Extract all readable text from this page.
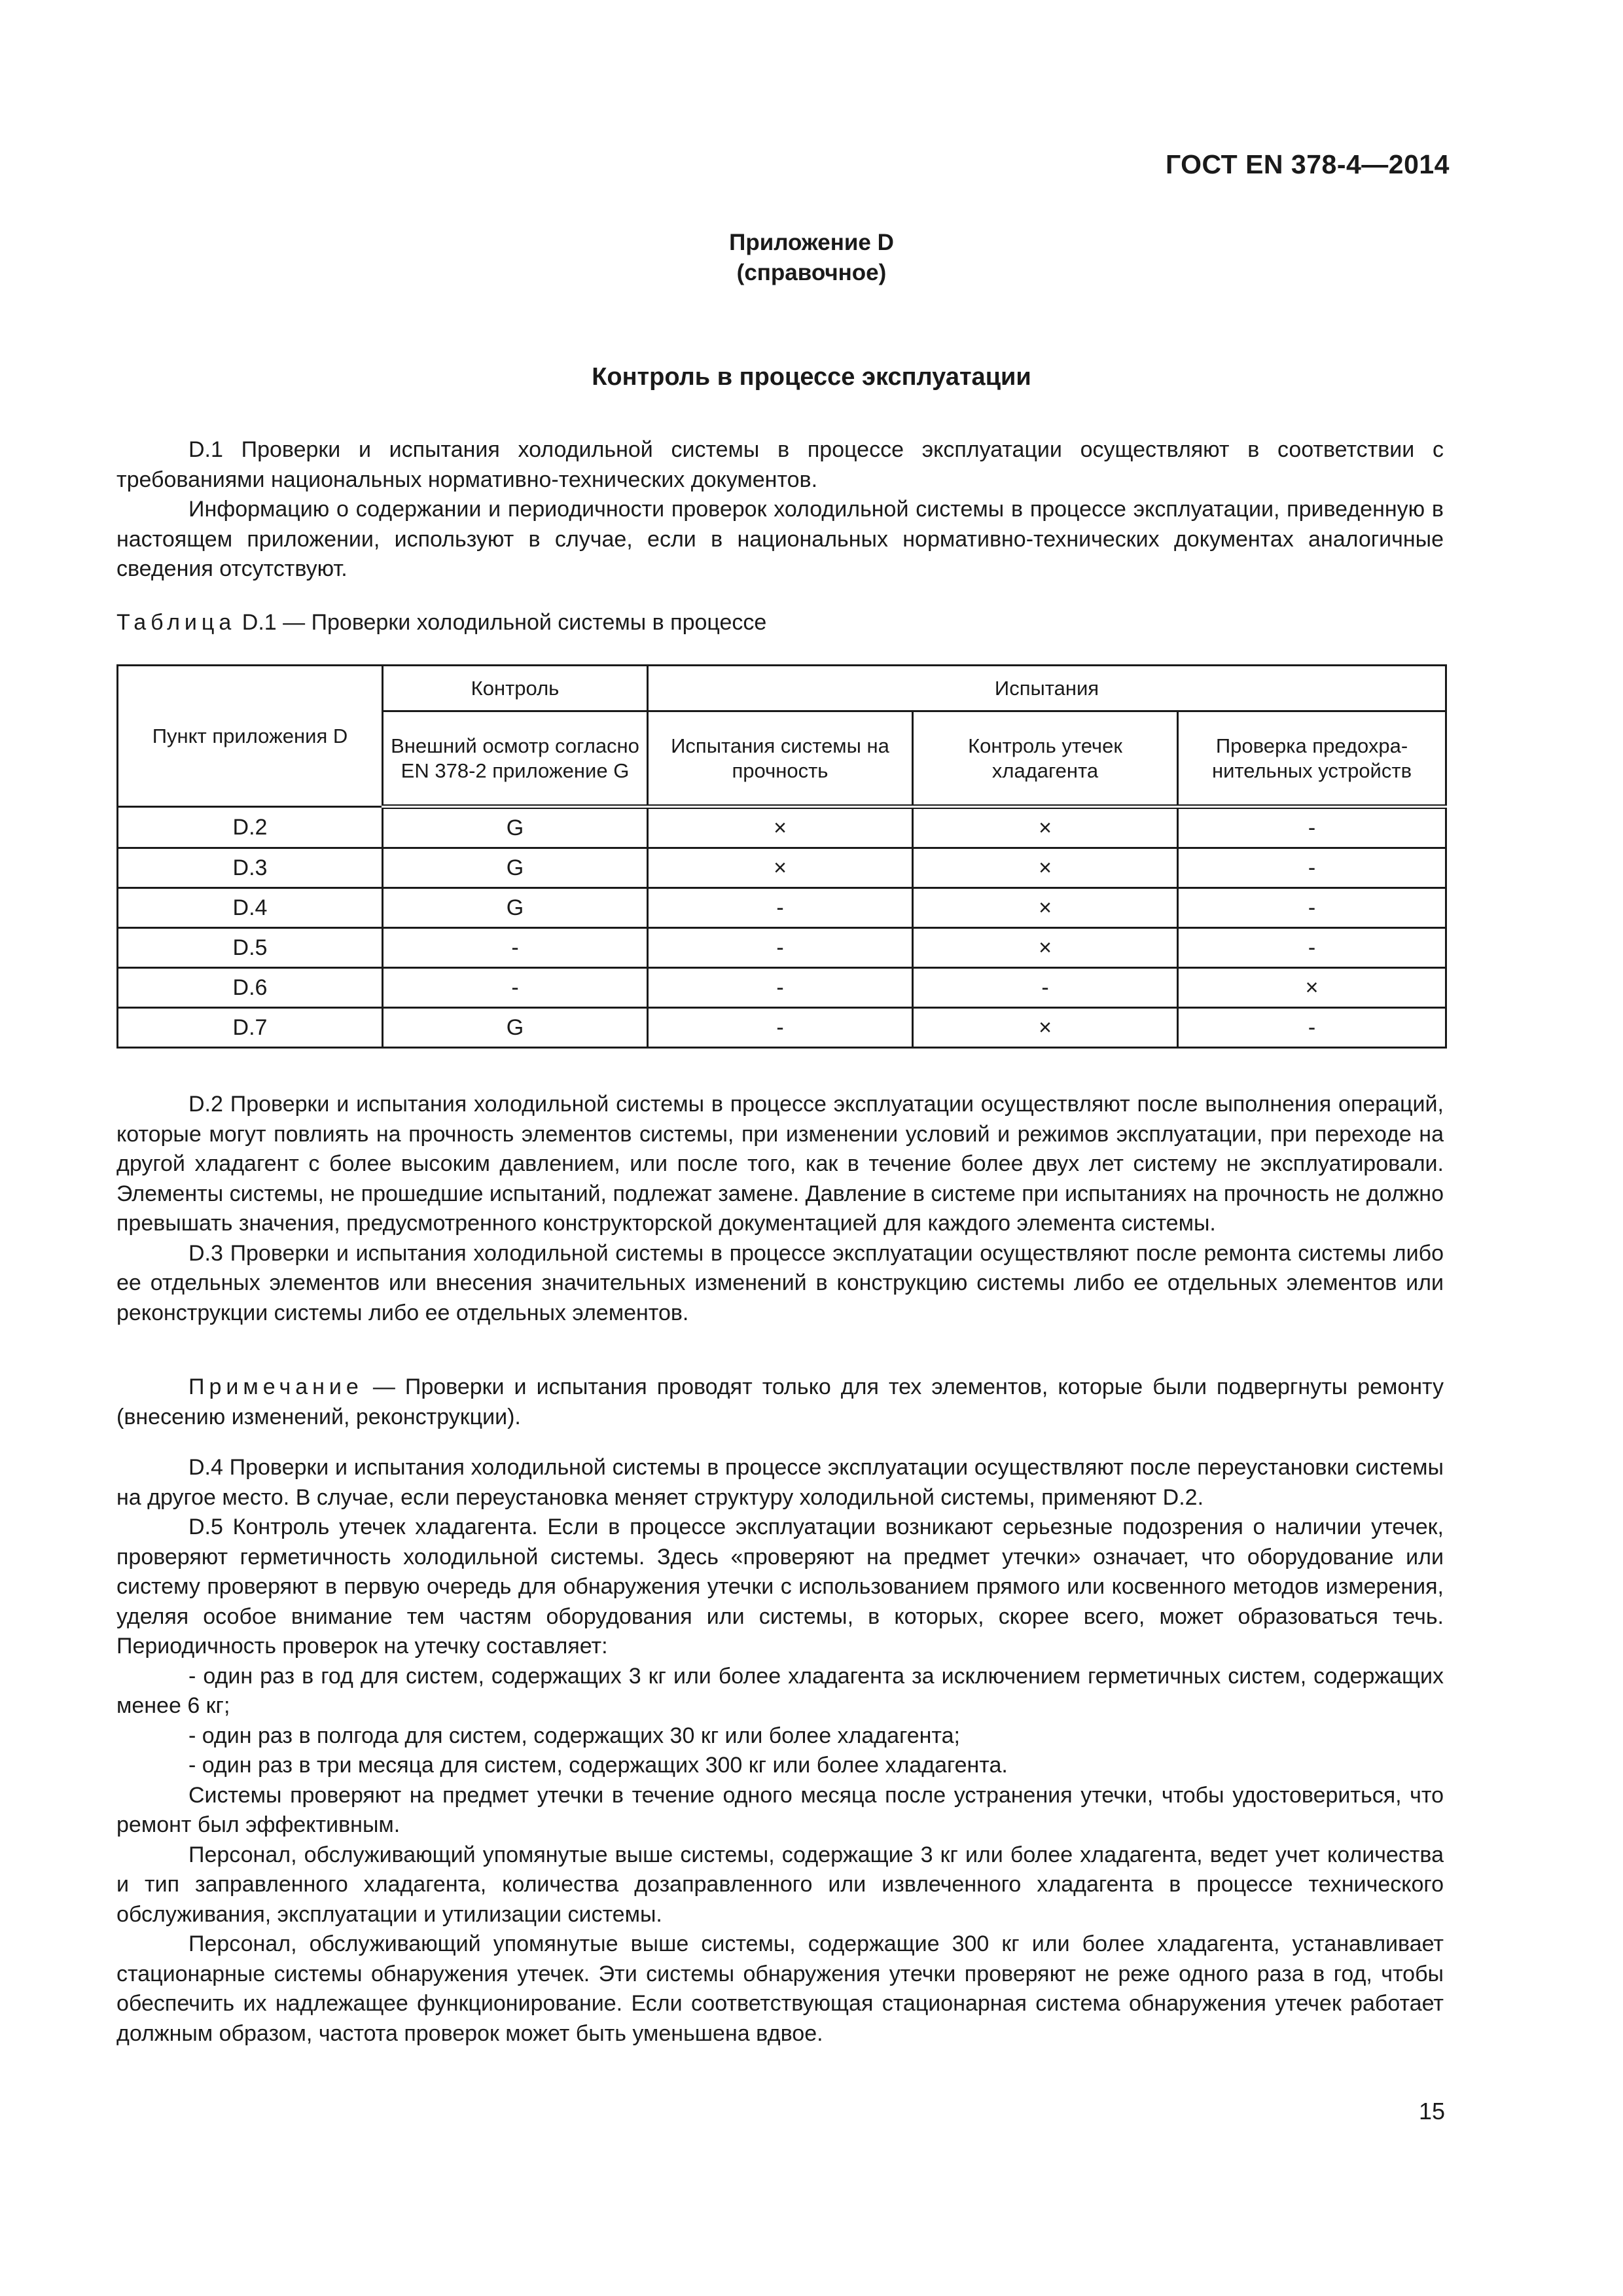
ГОСТ EN 378-4—2014
Приложение D
(справочное)
Контроль в процессе эксплуатации

D.1 Проверки и испытания холодильной системы в процессе эксплуатации осуществляют в соответствии с требованиями национальных нормативно-технических документов.

Информацию о содержании и периодичности проверок холодильной системы в процессе эксплуатации, приведенную в настоящем приложении, используют в случае, если в национальных нормативно-технических документах аналогичные сведения отсутствуют.

Таблица D.1 — Проверки холодильной системы в процессе
Пункт приложения D	Контроль	Испытания		
	Внешний осмотр согласно EN 378-2 приложение G	Испытания системы на прочность	Контроль утечек хладагента	Проверка предохра-нительных устройств
D.2	G	×	×	-
D.3	G	×	×	-
D.4	G	-	×	-
D.5	-	-	×	-
D.6	-	-	-	×
D.7	G	-	×	-

D.2 Проверки и испытания холодильной системы в процессе эксплуатации осуществляют после выполнения операций, которые могут повлиять на прочность элементов системы, при изменении условий и режимов эксплуатации, при переходе на другой хладагент с более высоким давлением, или после того, как в течение более двух лет систему не эксплуатировали. Элементы системы, не прошедшие испытаний, подлежат замене. Давление в системе при испытаниях на прочность не должно превышать значения, предусмотренного конструкторской документацией для каждого элемента системы.

D.3 Проверки и испытания холодильной системы в процессе эксплуатации осуществляют после ремонта системы либо ее отдельных элементов или внесения значительных изменений в конструкцию системы либо ее отдельных элементов или реконструкции системы либо ее отдельных элементов.

Примечание — Проверки и испытания проводят только для тех элементов, которые были подвергнуты ремонту (внесению изменений, реконструкции).

D.4 Проверки и испытания холодильной системы в процессе эксплуатации осуществляют после переустановки системы на другое место. В случае, если переустановка меняет структуру холодильной системы, применяют D.2.

D.5 Контроль утечек хладагента. Если в процессе эксплуатации возникают серьезные подозрения о наличии утечек, проверяют герметичность холодильной системы. Здесь «проверяют на предмет утечки» означает, что оборудование или систему проверяют в первую очередь для обнаружения утечки с использованием прямого или косвенного методов измерения, уделяя особое внимание тем частям оборудования или системы, в которых, скорее всего, может образоваться течь. Периодичность проверок на утечку составляет:

- один раз в год для систем, содержащих 3 кг или более хладагента за исключением герметичных систем, содержащих менее 6 кг;

- один раз в полгода для систем, содержащих 30 кг или более хладагента;

- один раз в три месяца для систем, содержащих 300 кг или более хладагента.

Системы проверяют на предмет утечки в течение одного месяца после устранения утечки, чтобы удостовериться, что ремонт был эффективным.

Персонал, обслуживающий упомянутые выше системы, содержащие 3 кг или более хладагента, ведет учет количества и тип заправленного хладагента, количества дозаправленного или извлеченного хладагента в процессе технического обслуживания, эксплуатации и утилизации системы.

Персонал, обслуживающий упомянутые выше системы, содержащие 300 кг или более хладагента, устанавливает стационарные системы обнаружения утечек. Эти системы обнаружения утечки проверяют не реже одного раза в год, чтобы обеспечить их надлежащее функционирование. Если соответствующая стационарная система обнаружения утечек работает должным образом, частота проверок может быть уменьшена вдвое.

15
